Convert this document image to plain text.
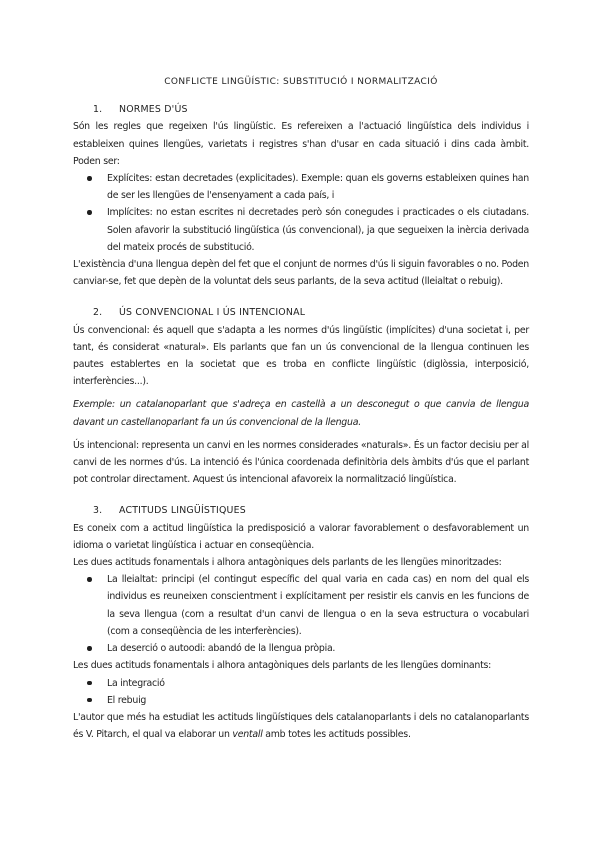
CONFLICTE LINGÜÍSTIC: SUBSTITUCIÓ I NORMALITZACIÓ
1. NORMES D'ÚS

Són les regles que regeixen l'ús lingüístic. Es refereixen a l'actuació lingüística dels individus i estableixen quines llengües, varietats i registres s'han d'usar en cada situació i dins cada àmbit. Poden ser:

Explícites: estan decretades (explicitades). Exemple: quan els governs estableixen quines han de ser les llengües de l'ensenyament a cada país, i
Implícites: no estan escrites ni decretades però són conegudes i practicades o els ciutadans. Solen afavorir la substitució lingüística (ús convencional), ja que segueixen la inèrcia derivada del mateix procés de substitució.

L'existència d'una llengua depèn del fet que el conjunt de normes d'ús li siguin favorables o no. Poden canviar-se, fet que depèn de la voluntat dels seus parlants, de la seva actitud (lleialtat o rebuig).

2. ÚS CONVENCIONAL I ÚS INTENCIONAL

Ús convencional: és aquell que s'adapta a les normes d'ús lingüístic (implícites) d'una societat i, per tant, és considerat «natural». Els parlants que fan un ús convencional de la llengua continuen les pautes establertes en la societat que es troba en conflicte lingüístic (diglòssia, interposició, interferències...).

Exemple: un catalanoparlant que s'adreça en castellà a un desconegut o que canvia de llengua davant un castellanoparlant fa un ús convencional de la llengua.

Ús intencional: representa un canvi en les normes considerades «naturals». És un factor decisiu per al canvi de les normes d'ús. La intenció és l'única coordenada definitòria dels àmbits d'ús que el parlant pot controlar directament. Aquest ús intencional afavoreix la normalització lingüística.

3. ACTITUDS LINGÜÍSTIQUES

Es coneix com a actitud lingüística la predisposició a valorar favorablement o desfavorablement un idioma o varietat lingüística i actuar en conseqüència.

Les dues actituds fonamentals i alhora antagòniques dels parlants de les llengües minoritzades:

La lleialtat: principi (el contingut específic del qual varia en cada cas) en nom del qual els individus es reuneixen conscientment i explícitament per resistir els canvis en les funcions de la seva llengua (com a resultat d'un canvi de llengua o en la seva estructura o vocabulari (com a conseqüència de les interferències).
La deserció o autoodi: abandó de la llengua pròpia.

Les dues actituds fonamentals i alhora antagòniques dels parlants de les llengües dominants:

La integració
El rebuig

L'autor que més ha estudiat les actituds lingüístiques dels catalanoparlants i dels no catalanoparlants és V. Pitarch, el qual va elaborar un ventall amb totes les actituds possibles.
